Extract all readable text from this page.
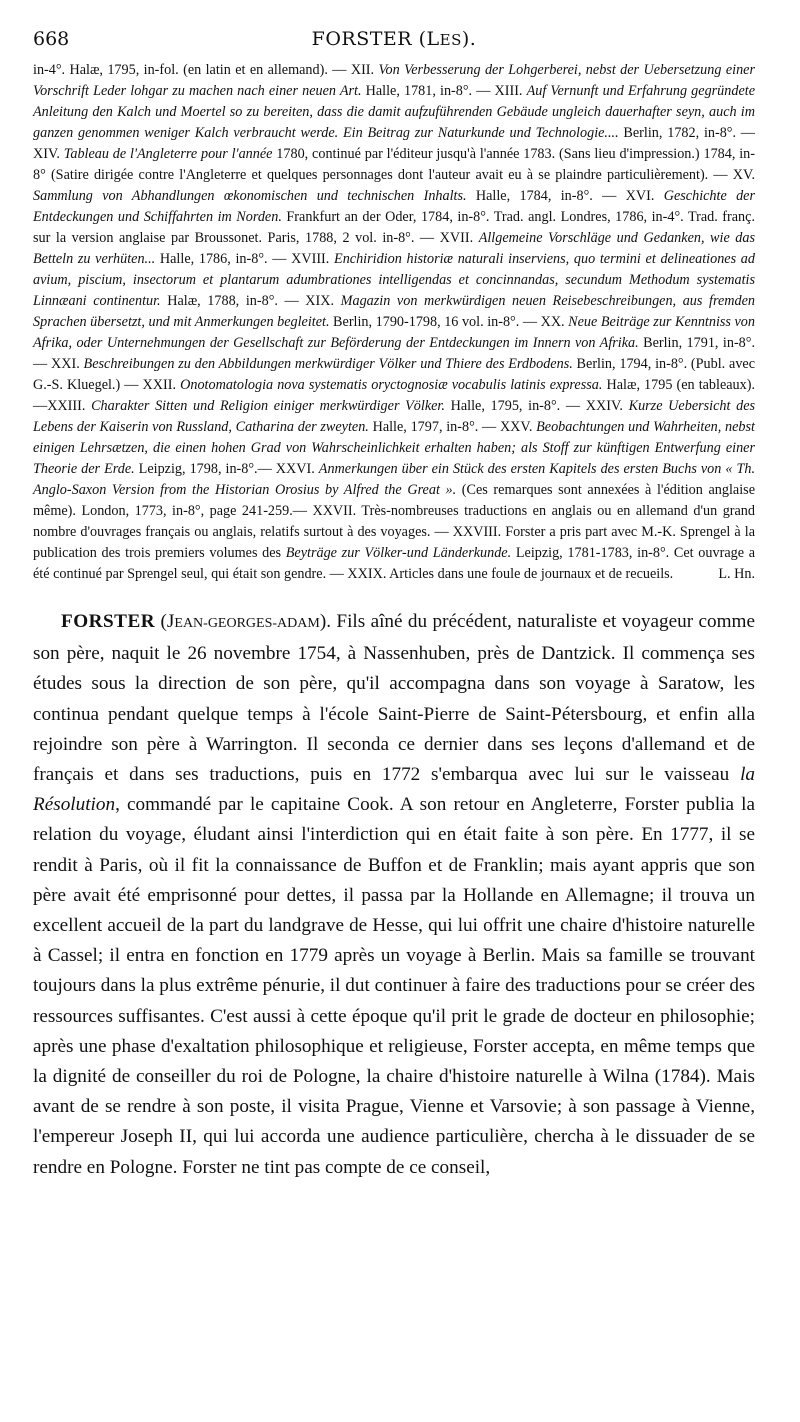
668	FORSTER (LES).

in-4°. Halæ, 1795, in-fol. (en latin et en allemand). — XII. Von Verbesserung der Lohgerberei, nebst der Uebersetzung einer Vorschrift Leder lohgar zu machen nach einer neuen Art. Halle, 1781, in-8°. — XIII. Auf Vernunft und Erfahrung gegründete Anleitung den Kalch und Moertel so zu bereiten, dass die damit aufzuführenden Gebäude ungleich dauerhafter seyn, auch im ganzen genommen weniger Kalch verbraucht werde. Ein Beitrag zur Naturkunde und Technologie.... Berlin, 1782, in-8°. — XIV. Tableau de l'Angleterre pour l'année 1780, continué par l'éditeur jusqu'à l'année 1783. (Sans lieu d'impression.) 1784, in-8° (Satire dirigée contre l'Angleterre et quelques personnages dont l'auteur avait eu à se plaindre particulièrement). — XV. Sammlung von Abhandlungen œkonomischen und technischen Inhalts. Halle, 1784, in-8°. — XVI. Geschichte der Entdeckungen und Schiffahrten im Norden. Frankfurt an der Oder, 1784, in-8°. Trad. angl. Londres, 1786, in-4°. Trad. franç. sur la version anglaise par Broussonet. Paris, 1788, 2 vol. in-8°. — XVII. Allgemeine Vorschläge und Gedanken, wie das Betteln zu verhüten... Halle, 1786, in-8°. — XVIII. Enchiridion historiæ naturali inserviens, quo termini et delineationes ad avium, piscium, insectorum et plantarum adumbrationes intelligendas et concinnandas, secundum Methodum systematis Linnæani continentur. Halæ, 1788, in-8°. — XIX. Magazin von merkwürdigen neuen Reisebeschreibungen, aus fremden Sprachen übersetzt, und mit Anmerkungen begleitet. Berlin, 1790-1798, 16 vol. in-8°. — XX. Neue Beiträge zur Kenntniss von Afrika, oder Unternehmungen der Gesellschaft zur Beförderung der Entdeckungen im Innern von Afrika. Berlin, 1791, in-8°.— XXI. Beschreibungen zu den Abbildungen merkwürdiger Völker und Thiere des Erdbodens. Berlin, 1794, in-8°. (Publ. avec G.-S. Kluegel.) — XXII. Onotomatologia nova systematis oryctognosiæ vocabulis latinis expressa. Halæ, 1795 (en tableaux).—XXIII. Charakter Sitten und Religion einiger merkwürdiger Völker. Halle, 1795, in-8°. — XXIV. Kurze Uebersicht des Lebens der Kaiserin von Russland, Catharina der zweyten. Halle, 1797, in-8°. — XXV. Beobachtungen und Wahrheiten, nebst einigen Lehrsætzen, die einen hohen Grad von Wahrscheinlichkeit erhalten haben; als Stoff zur künftigen Entwerfung einer Theorie der Erde. Leipzig, 1798, in-8°.— XXVI. Anmerkungen über ein Stück des ersten Kapitels des ersten Buchs von « Th. Anglo-Saxon Version from the Historian Orosius by Alfred the Great ». (Ces remarques sont annexées à l'édition anglaise même). London, 1773, in-8°, page 241-259.— XXVII. Très-nombreuses traductions en anglais ou en allemand d'un grand nombre d'ouvrages français ou anglais, relatifs surtout à des voyages. — XXVIII. Forster a pris part avec M.-K. Sprengel à la publication des trois premiers volumes des Beyträge zur Völker-und Länderkunde. Leipzig, 1781-1783, in-8°. Cet ouvrage a été continué par Sprengel seul, qui était son gendre. — XXIX. Articles dans une foule de journaux et de recueils.	L. Hn.

FORSTER (JEAN-GEORGES-ADAM). Fils aîné du précédent, naturaliste et voyageur comme son père, naquit le 26 novembre 1754, à Nassenhuben, près de Dantzick. Il commença ses études sous la direction de son père, qu'il accompagna dans son voyage à Saratow, les continua pendant quelque temps à l'école Saint-Pierre de Saint-Pétersbourg, et enfin alla rejoindre son père à Warrington. Il seconda ce dernier dans ses leçons d'allemand et de français et dans ses traductions, puis en 1772 s'embarqua avec lui sur le vaisseau la Résolution, commandé par le capitaine Cook. A son retour en Angleterre, Forster publia la relation du voyage, éludant ainsi l'interdiction qui en était faite à son père. En 1777, il se rendit à Paris, où il fit la connaissance de Buffon et de Franklin; mais ayant appris que son père avait été emprisonné pour dettes, il passa par la Hollande en Allemagne; il trouva un excellent accueil de la part du landgrave de Hesse, qui lui offrit une chaire d'histoire naturelle à Cassel; il entra en fonction en 1779 après un voyage à Berlin. Mais sa famille se trouvant toujours dans la plus extrême pénurie, il dut continuer à faire des traductions pour se créer des ressources suffisantes. C'est aussi à cette époque qu'il prit le grade de docteur en philosophie; après une phase d'exaltation philosophique et religieuse, Forster accepta, en même temps que la dignité de conseiller du roi de Pologne, la chaire d'histoire naturelle à Wilna (1784). Mais avant de se rendre à son poste, il visita Prague, Vienne et Varsovie; à son passage à Vienne, l'empereur Joseph II, qui lui accorda une audience particulière, chercha à le dissuader de se rendre en Pologne. Forster ne tint pas compte de ce conseil,
